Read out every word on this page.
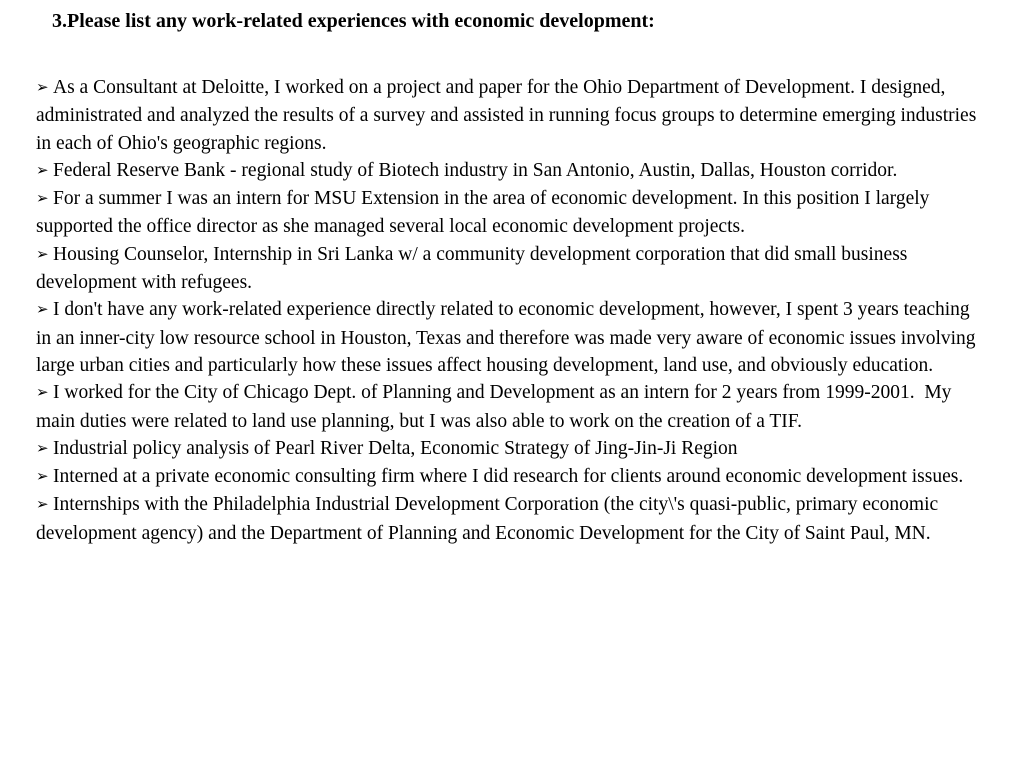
3.Please list any work-related experiences with economic development:
➢ As a Consultant at Deloitte, I worked on a project and paper for the Ohio Department of Development. I designed, administrated and analyzed the results of a survey and assisted in running focus groups to determine emerging industries in each of Ohio's geographic regions.
➢ Federal Reserve Bank - regional study of Biotech industry in San Antonio, Austin, Dallas, Houston corridor.
➢ For a summer I was an intern for MSU Extension in the area of economic development. In this position I largely supported the office director as she managed several local economic development projects.
➢ Housing Counselor, Internship in Sri Lanka w/ a community development corporation that did small business development with refugees.
➢ I don't have any work-related experience directly related to economic development, however, I spent 3 years teaching in an inner-city low resource school in Houston, Texas and therefore was made very aware of economic issues involving large urban cities and particularly how these issues affect housing development, land use, and obviously education.
➢ I worked for the City of Chicago Dept. of Planning and Development as an intern for 2 years from 1999-2001.  My main duties were related to land use planning, but I was also able to work on the creation of a TIF.
➢ Industrial policy analysis of Pearl River Delta, Economic Strategy of Jing-Jin-Ji Region
➢ Interned at a private economic consulting firm where I did research for clients around economic development issues.
➢ Internships with the Philadelphia Industrial Development Corporation (the city\'s quasi-public, primary economic development agency) and the Department of Planning and Economic Development for the City of Saint Paul, MN.
